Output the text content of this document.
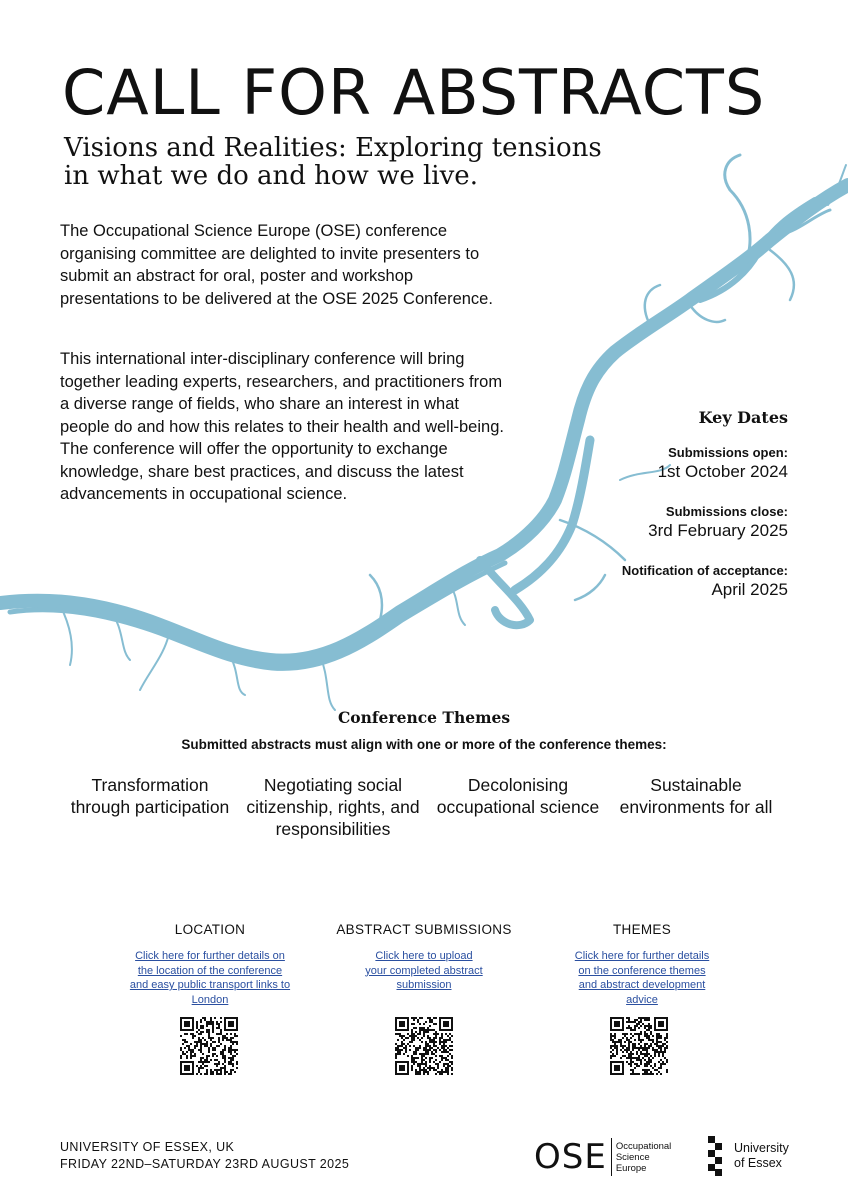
CALL FOR ABSTRACTS
Visions and Realities: Exploring tensions
in what we do and how we live.
The Occupational Science Europe (OSE) conference organising committee are delighted to invite presenters to submit an abstract for oral, poster and workshop presentations to be delivered at the OSE 2025 Conference.
This international inter-disciplinary conference will bring together leading experts, researchers, and practitioners from a diverse range of fields, who share an interest in what people do and how this relates to their health and well-being. The conference will offer the opportunity to exchange knowledge, share best practices, and discuss the latest advancements in occupational science.
Key Dates
Submissions open:
1st October 2024
Submissions close:
3rd February 2025
Notification of acceptance:
April 2025
Conference Themes
Submitted abstracts must align with one or more of the conference themes:
Transformation through participation
Negotiating social citizenship, rights, and responsibilities
Decolonising occupational science
Sustainable environments for all
LOCATION
Click here for further details on the location of the conference and easy public transport links to London
ABSTRACT SUBMISSIONS
Click here to upload your completed abstract submission
THEMES
Click here for further details on the conference themes and abstract development advice
UNIVERSITY OF ESSEX, UK
FRIDAY 22ND–SATURDAY 23RD AUGUST 2025	OSE Occupational
Science
Europe
University
of Essex
